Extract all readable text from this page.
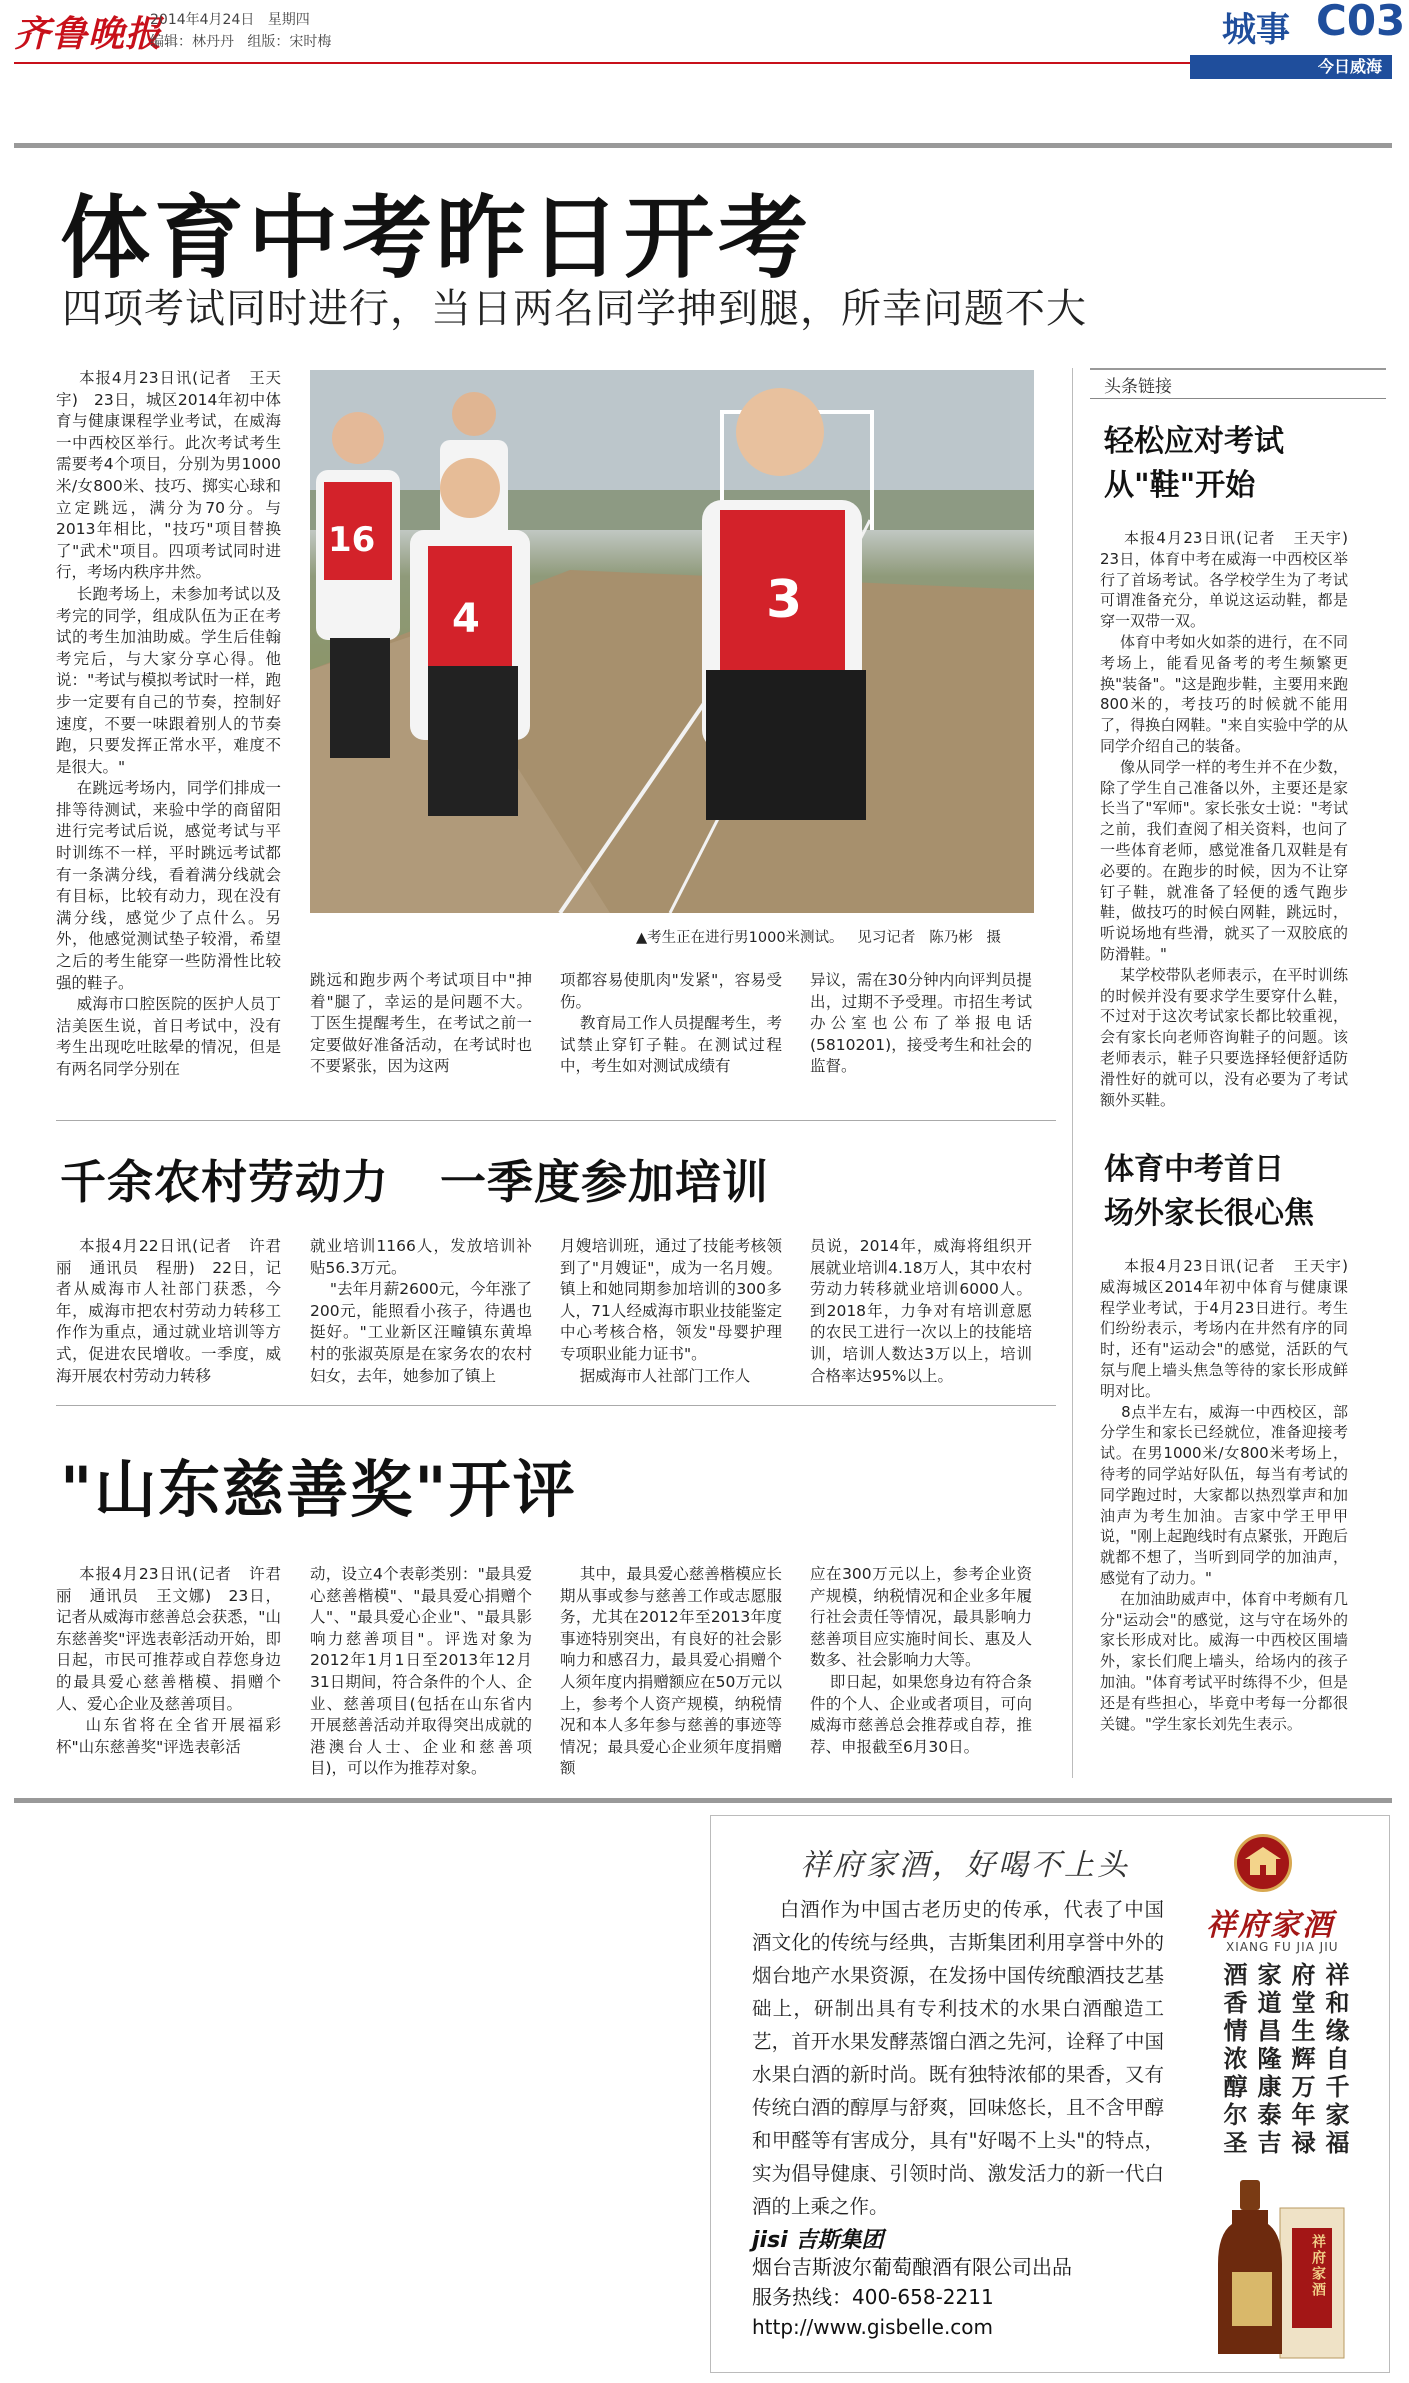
齐鲁晚报
2014年4月24日   星期四
编辑：林丹丹   组版：宋时梅	城事 C03
今日威海
体育中考昨日开考
四项考试同时进行，当日两名同学抻到腿，所幸问题不大
16
4	3
▲考生正在进行男1000米测试。   见习记者   陈乃彬   摄
本报4月23日讯(记者   王天宇)   23日，城区2014年初中体育与健康课程学业考试，在威海一中西校区举行。此次考试考生需要考4个项目，分别为男1000米/女800米、技巧、掷实心球和立定跳远，满分为70分。与2013年相比，"技巧"项目替换了"武术"项目。四项考试同时进行，考场内秩序井然。
长跑考场上，未参加考试以及考完的同学，组成队伍为正在考试的考生加油助威。学生后佳翰考完后，与大家分享心得。他说："考试与模拟考试时一样，跑步一定要有自己的节奏，控制好速度，不要一味跟着别人的节奏跑，只要发挥正常水平，难度不是很大。"
在跳远考场内，同学们排成一排等待测试，来验中学的商留阳进行完考试后说，感觉考试与平时训练不一样，平时跳远考试都有一条满分线，看着满分线就会有目标，比较有动力，现在没有满分线，感觉少了点什么。另外，他感觉测试垫子较滑，希望之后的考生能穿一些防滑性比较强的鞋子。
威海市口腔医院的医护人员丁洁美医生说，首日考试中，没有考生出现吃吐眩晕的情况，但是有两名同学分别在
跳远和跑步两个考试项目中"抻着"腿了，幸运的是问题不大。丁医生提醒考生，在考试之前一定要做好准备活动，在考试时也不要紧张，因为这两
项都容易使肌肉"发紧"，容易受伤。
教育局工作人员提醒考生，考试禁止穿钉子鞋。在测试过程中，考生如对测试成绩有
异议，需在30分钟内向评判员提出，过期不予受理。市招生考试办公室也公布了举报电话(5810201)，接受考生和社会的监督。
头条链接
轻松应对考试
从"鞋"开始
本报4月23日讯(记者   王天宇)   23日，体育中考在威海一中西校区举行了首场考试。各学校学生为了考试可谓准备充分，单说这运动鞋，都是穿一双带一双。
体育中考如火如荼的进行，在不同考场上，能看见备考的考生频繁更换"装备"。"这是跑步鞋，主要用来跑800米的，考技巧的时候就不能用了，得换白网鞋。"来自实验中学的从同学介绍自己的装备。
像从同学一样的考生并不在少数，除了学生自己准备以外，主要还是家长当了"军师"。家长张女士说："考试之前，我们查阅了相关资料，也问了一些体育老师，感觉准备几双鞋是有必要的。在跑步的时候，因为不让穿钉子鞋，就准备了轻便的透气跑步鞋，做技巧的时候白网鞋，跳远时，听说场地有些滑，就买了一双胶底的防滑鞋。"
某学校带队老师表示，在平时训练的时候并没有要求学生要穿什么鞋，不过对于这次考试家长都比较重视，会有家长向老师咨询鞋子的问题。该老师表示，鞋子只要选择轻便舒适防滑性好的就可以，没有必要为了考试额外买鞋。
体育中考首日
场外家长很心焦
本报4月23日讯(记者   王天宇)   威海城区2014年初中体育与健康课程学业考试，于4月23日进行。考生们纷纷表示，考场内在井然有序的同时，还有"运动会"的感觉，活跃的气氛与爬上墙头焦急等待的家长形成鲜明对比。
8点半左右，威海一中西校区，部分学生和家长已经就位，准备迎接考试。在男1000米/女800米考场上，待考的同学站好队伍，每当有考试的同学跑过时，大家都以热烈掌声和加油声为考生加油。吉家中学王甲甲说，"刚上起跑线时有点紧张，开跑后就都不想了，当听到同学的加油声，感觉有了动力。"
在加油助威声中，体育中考颇有几分"运动会"的感觉，这与守在场外的家长形成对比。威海一中西校区围墙外，家长们爬上墙头，给场内的孩子加油。"体育考试平时练得不少，但是还是有些担心，毕竟中考每一分都很关键。"学生家长刘先生表示。
千余农村劳动力   一季度参加培训
本报4月22日讯(记者   许君丽   通讯员   程册)   22日，记者从威海市人社部门获悉，今年，威海市把农村劳动力转移工作作为重点，通过就业培训等方式，促进农民增收。一季度，威海开展农村劳动力转移
就业培训1166人，发放培训补贴56.3万元。
"去年月薪2600元，今年涨了200元，能照看小孩子，待遇也挺好。"工业新区汪疃镇东黄埠村的张淑英原是在家务农的农村妇女，去年，她参加了镇上
月嫂培训班，通过了技能考核领到了"月嫂证"，成为一名月嫂。镇上和她同期参加培训的300多人，71人经威海市职业技能鉴定中心考核合格，领发"母婴护理专项职业能力证书"。
据威海市人社部门工作人
员说，2014年，威海将组织开展就业培训4.18万人，其中农村劳动力转移就业培训6000人。到2018年，力争对有培训意愿的农民工进行一次以上的技能培训，培训人数达3万以上，培训合格率达95%以上。
"山东慈善奖"开评
本报4月23日讯(记者   许君丽   通讯员   王文娜)   23日，记者从威海市慈善总会获悉，"山东慈善奖"评选表彰活动开始，即日起，市民可推荐或自荐您身边的最具爱心慈善楷模、捐赠个人、爱心企业及慈善项目。
山东省将在全省开展福彩杯"山东慈善奖"评选表彰活
动，设立4个表彰类别："最具爱心慈善楷模"、"最具爱心捐赠个人"、"最具爱心企业"、"最具影响力慈善项目"。评选对象为2012年1月1日至2013年12月31日期间，符合条件的个人、企业、慈善项目(包括在山东省内开展慈善活动并取得突出成就的港澳台人士、企业和慈善项目)，可以作为推荐对象。
其中，最具爱心慈善楷模应长期从事或参与慈善工作或志愿服务，尤其在2012年至2013年度事迹特别突出，有良好的社会影响力和感召力，最具爱心捐赠个人须年度内捐赠额应在50万元以上，参考个人资产规模，纳税情况和本人多年参与慈善的事迹等情况；最具爱心企业须年度捐赠额
应在300万元以上，参考企业资产规模，纳税情况和企业多年履行社会责任等情况，最具影响力慈善项目应实施时间长、惠及人数多、社会影响力大等。
即日起，如果您身边有符合条件的个人、企业或者项目，可向威海市慈善总会推荐或自荐，推荐、申报截至6月30日。
祥府家酒，好喝不上头
白酒作为中国古老历史的传承，代表了中国酒文化的传统与经典，吉斯集团利用享誉中外的烟台地产水果资源，在发扬中国传统酿酒技艺基础上，研制出具有专利技术的水果白酒酿造工艺，首开水果发酵蒸馏白酒之先河，诠释了中国水果白酒的新时尚。既有独特浓郁的果香，又有传统白酒的醇厚与舒爽，回味悠长，且不含甲醇和甲醛等有害成分，具有"好喝不上头"的特点，实为倡导健康、引领时尚、激发活力的新一代白酒的上乘之作。
祥府家酒
XIANG FU JIA JIU
祥和缘自千家福
府堂生辉万年禄
家道昌隆康泰吉
酒香情浓醇尔圣
祥府家酒
jisi 吉斯集团
烟台吉斯波尔葡萄酿酒有限公司出品
服务热线：400-658-2211
http://www.gisbelle.com
